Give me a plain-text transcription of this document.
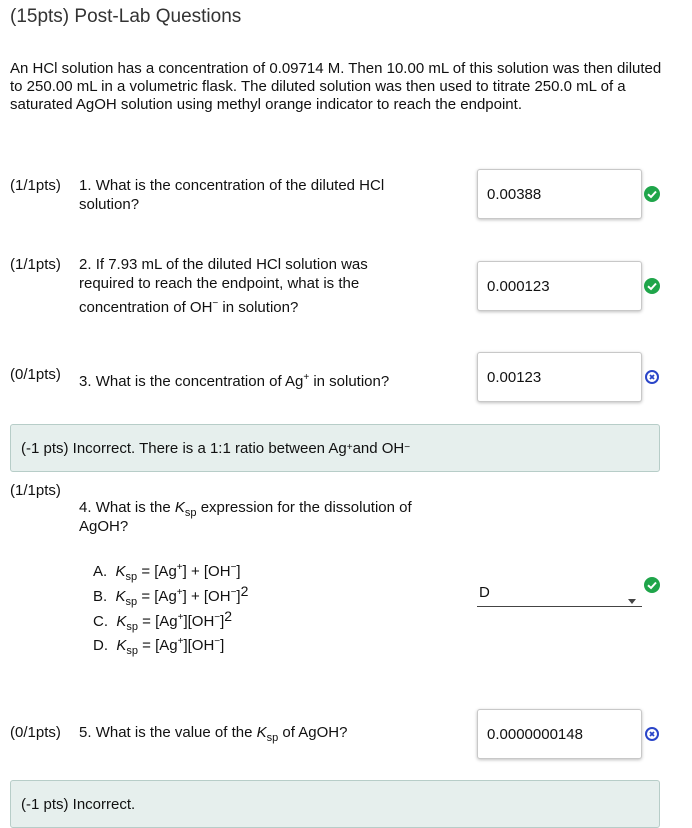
(15pts) Post-Lab Questions
An HCl solution has a concentration of 0.09714 M. Then 10.00 mL of this solution was then diluted to 250.00 mL in a volumetric flask. The diluted solution was then used to titrate 250.0 mL of a saturated AgOH solution using methyl orange indicator to reach the endpoint.
(1/1pts) 1. What is the concentration of the diluted HCl
solution?
0.00388
(1/1pts) 2. If 7.93 mL of the diluted HCl solution was
required to reach the endpoint, what is the
concentration of OH− in solution?
0.000123
(0/1pts) 3. What is the concentration of Ag+ in solution?	0.00123
(-1 pts) Incorrect. There is a 1:1 ratio between Ag + and OH −
(1/1pts)
4. What is the $K_{sp}$ expression for the dissolution of
AgOH?
A. $K_{sp} = [Ag^+] + [OH^-]$
B. $K_{sp} = [Ag^+] + [OH^-]2$
C. $K_{sp} = [Ag^+][OH^-]2$
D. $K_{sp} = [Ag^+][OH^-]$
D
(0/1pts) 5. What is the value of the $K_{sp}$ of AgOH?	0.0000000148
(-1 pts) Incorrect.
